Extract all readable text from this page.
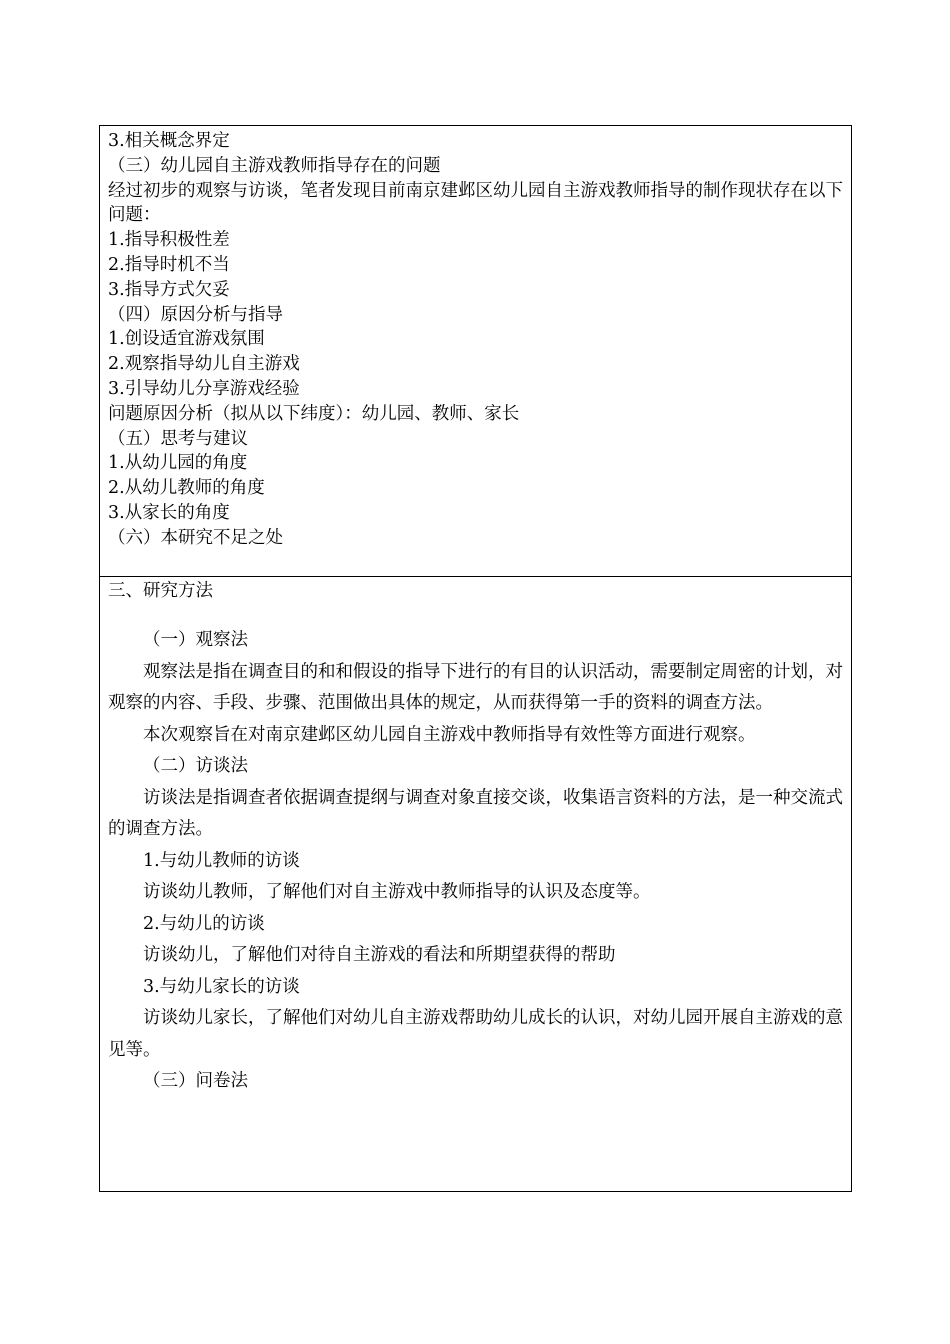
3.相关概念界定
（三）幼儿园自主游戏教师指导存在的问题
经过初步的观察与访谈，笔者发现目前南京建邺区幼儿园自主游戏教师指导的制作现状存在以下问题：
1.指导积极性差
2.指导时机不当
3.指导方式欠妥
（四）原因分析与指导
1.创设适宜游戏氛围
2.观察指导幼儿自主游戏
3.引导幼儿分享游戏经验
问题原因分析（拟从以下纬度）：幼儿园、教师、家长
（五）思考与建议
1.从幼儿园的角度
2.从幼儿教师的角度
3.从家长的角度
（六）本研究不足之处
三、研究方法
（一）观察法
观察法是指在调查目的和和假设的指导下进行的有目的认识活动，需要制定周密的计划，对观察的内容、手段、步骤、范围做出具体的规定，从而获得第一手的资料的调查方法。
本次观察旨在对南京建邺区幼儿园自主游戏中教师指导有效性等方面进行观察。
（二）访谈法
访谈法是指调查者依据调查提纲与调查对象直接交谈，收集语言资料的方法，是一种交流式的调查方法。
1.与幼儿教师的访谈
访谈幼儿教师，了解他们对自主游戏中教师指导的认识及态度等。
2.与幼儿的访谈
访谈幼儿，了解他们对待自主游戏的看法和所期望获得的帮助
3.与幼儿家长的访谈
访谈幼儿家长，了解他们对幼儿自主游戏帮助幼儿成长的认识，对幼儿园开展自主游戏的意见等。
（三）问卷法
